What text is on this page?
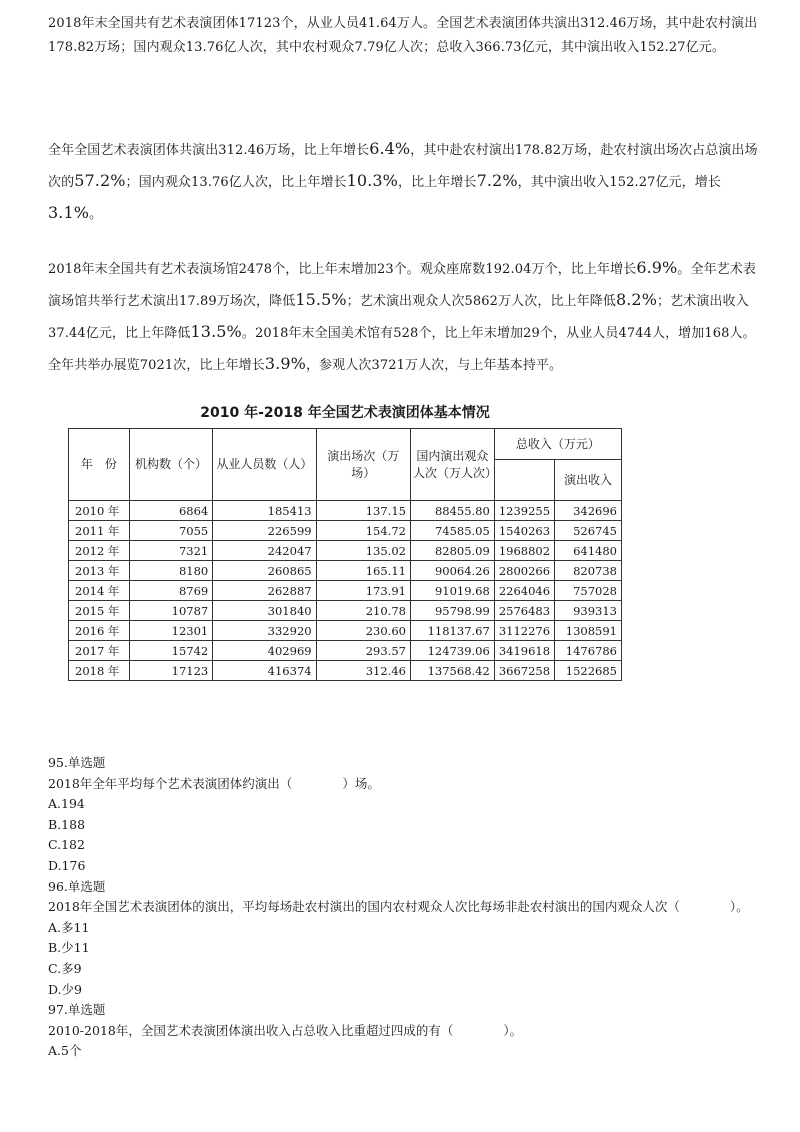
2018年末全国共有艺术表演团体17123个，从业人员41.64万人。全国艺术表演团体共演出312.46万场，其中赴农村演出178.82万场；国内观众13.76亿人次，其中农村观众7.79亿人次；总收入366.73亿元，其中演出收入152.27亿元。

全年全国艺术表演团体共演出312.46万场，比上年增长6.4%，其中赴农村演出178.82万场，赴农村演出场次占总演出场次的57.2%；国内观众13.76亿人次，比上年增长10.3%，比上年增长7.2%，其中演出收入152.27亿元，增长3.1%。

2018年末全国共有艺术表演场馆2478个，比上年末增加23个。观众座席数192.04万个，比上年增长6.9%。全年艺术表演场馆共举行艺术演出17.89万场次，降低15.5%；艺术演出观众人次5862万人次，比上年降低8.2%；艺术演出收入37.44亿元，比上年降低13.5%。2018年末全国美术馆有528个，比上年末增加29个，从业人员4744人，增加168人。全年共举办展览7021次，比上年增长3.9%，参观人次3721万人次，与上年基本持平。

2010 年-2018 年全国艺术表演团体基本情况

年　份	机构数（个）	从业人员数（人）	演出场次（万场）	国内演出观众人次（万人次）	总收入（万元）	
						演出收入
2010 年	6864	185413	137.15	88455.80	1239255	342696
2011 年	7055	226599	154.72	74585.05	1540263	526745
2012 年	7321	242047	135.02	82805.09	1968802	641480
2013 年	8180	260865	165.11	90064.26	2800266	820738
2014 年	8769	262887	173.91	91019.68	2264046	757028
2015 年	10787	301840	210.78	95798.99	2576483	939313
2016 年	12301	332920	230.60	118137.67	3112276	1308591
2017 年	15742	402969	293.57	124739.06	3419618	1476786
2018 年	17123	416374	312.46	137568.42	3667258	1522685

95.单选题

2018年全年平均每个艺术表演团体约演出（　　　　）场。

A.194

B.188

C.182

D.176

96.单选题

2018年全国艺术表演团体的演出，平均每场赴农村演出的国内农村观众人次比每场非赴农村演出的国内观众人次（　　　　）。

A.多11

B.少11

C.多9

D.少9

97.单选题

2010-2018年，全国艺术表演团体演出收入占总收入比重超过四成的有（　　　　）。

A.5个
